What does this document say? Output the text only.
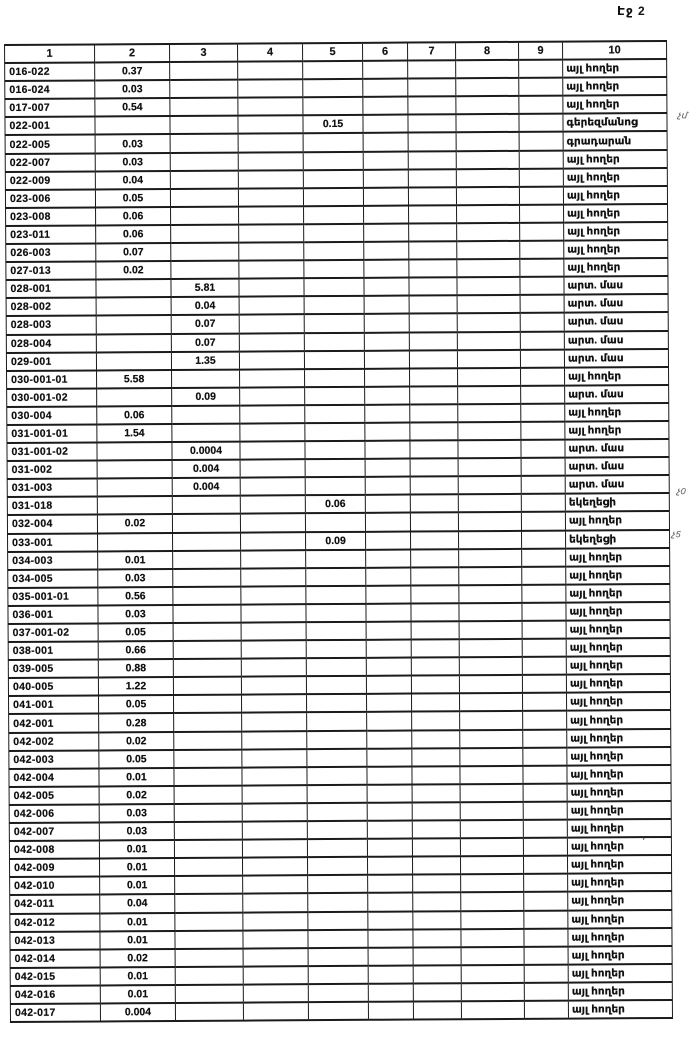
Էջ 2
1	2	3	4	5	6	7	8	9	10
016-022	0.37								այլ հողեր
016-024	0.03								այլ հողեր
017-007	0.54								այլ հողեր
022-001				0.15					գերեզմանոց
022-005	0.03								գրադարան
022-007	0.03								այլ հողեր
022-009	0.04								այլ հողեր
023-006	0.05								այլ հողեր
023-008	0.06								այլ հողեր
023-011	0.06								այլ հողեր
026-003	0.07								այլ հողեր
027-013	0.02								այլ հողեր
028-001		5.81							արտ. մաս
028-002		0.04							արտ. մաս
028-003		0.07							արտ. մաս
028-004		0.07							արտ. մաս
029-001		1.35							արտ. մաս
030-001-01	5.58								այլ հողեր
030-001-02		0.09							արտ. մաս
030-004	0.06								այլ հողեր
031-001-01	1.54								այլ հողեր
031-001-02		0.0004							արտ. մաս
031-002		0.004							արտ. մաս
031-003		0.004							արտ. մաս
031-018				0.06					եկեղեցի
032-004	0.02								այլ հողեր
033-001				0.09					եկեղեցի
034-003	0.01								այլ հողեր
034-005	0.03								այլ հողեր
035-001-01	0.56								այլ հողեր
036-001	0.03								այլ հողեր
037-001-02	0.05								այլ հողեր
038-001	0.66								այլ հողեր
039-005	0.88								այլ հողեր
040-005	1.22								այլ հողեր
041-001	0.05								այլ հողեր
042-001	0.28								այլ հողեր
042-002	0.02								այլ հողեր
042-003	0.05								այլ հողեր
042-004	0.01								այլ հողեր
042-005	0.02								այլ հողեր
042-006	0.03								այլ հողեր
042-007	0.03								այլ հողեր
042-008	0.01								այլ հողեր
042-009	0.01								այլ հողեր
042-010	0.01								այլ հողեր
042-011	0.04								այլ հողեր
042-012	0.01								այլ հողեր
042-013	0.01								այլ հողեր
042-014	0.02								այլ հողեր
042-015	0.01								այլ հողեր
042-016	0.01								այլ հողեր
042-017	0.004								այլ հողեր
չմ
չ0
չ5
’
